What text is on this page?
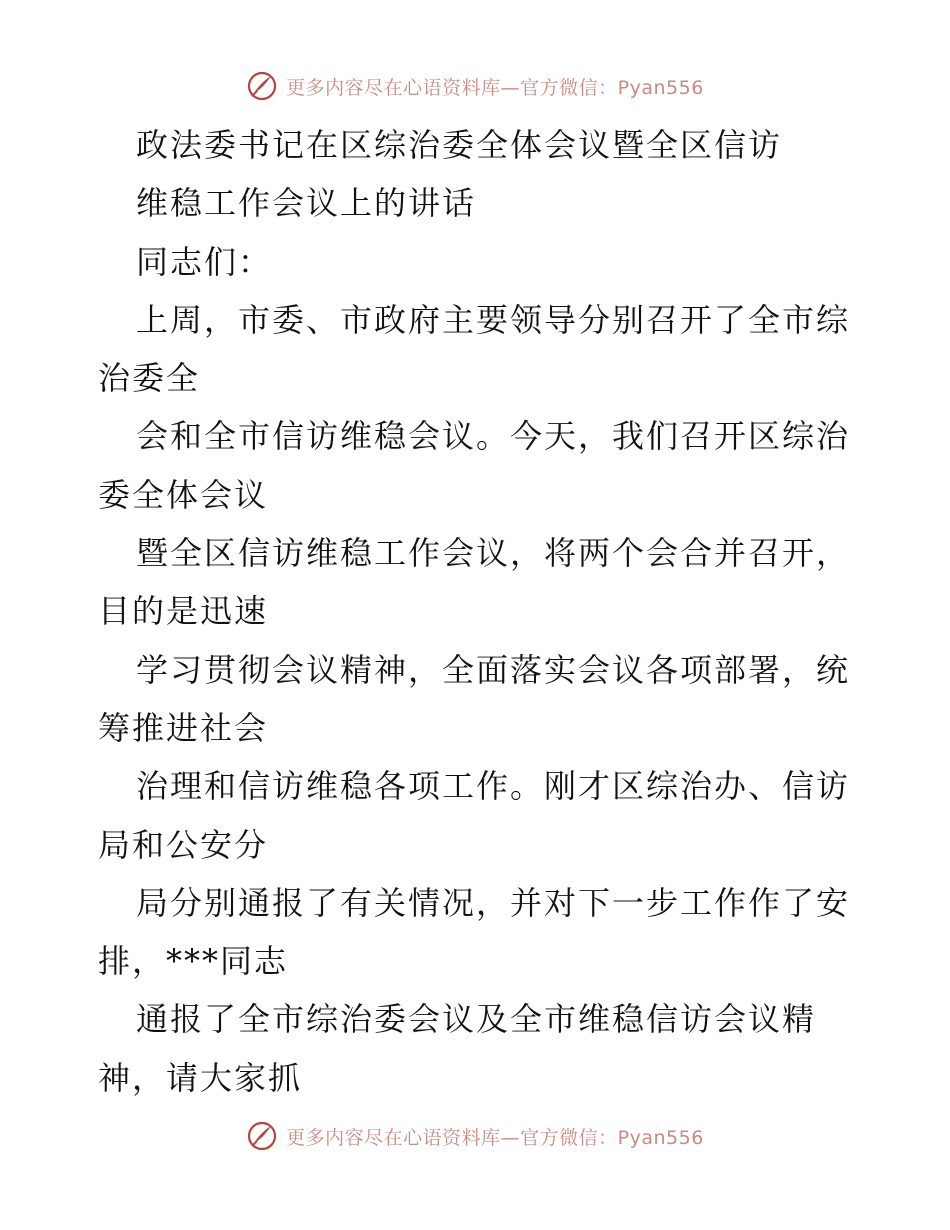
更多内容尽在心语资料库—官方微信：Pyan556
政法委书记在区综治委全体会议暨全区信访
维稳工作会议上的讲话
同志们：
上周，市委、市政府主要领导分别召开了全市综
治委全
会和全市信访维稳会议。今天，我们召开区综治
委全体会议
暨全区信访维稳工作会议，将两个会合并召开，
目的是迅速
学习贯彻会议精神，全面落实会议各项部署，统
筹推进社会
治理和信访维稳各项工作。刚才区综治办、信访
局和公安分
局分别通报了有关情况，并对下一步工作作了安
排，***同志
通报了全市综治委会议及全市维稳信访会议精
神，请大家抓
更多内容尽在心语资料库—官方微信：Pyan556
